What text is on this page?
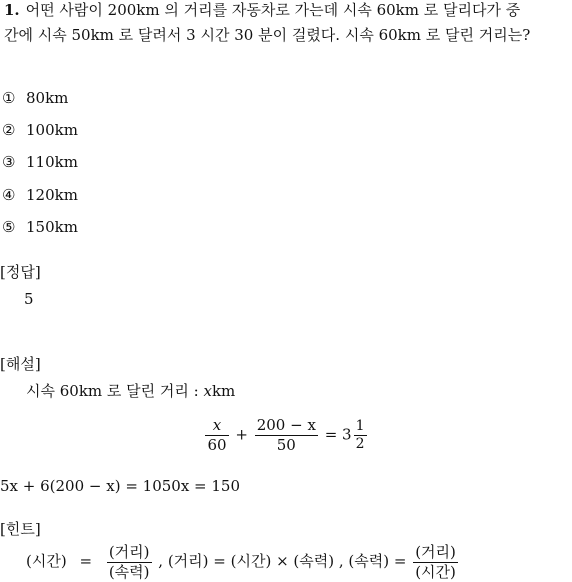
1. 어떤 사람이 200km 의 거리를 자동차로 가는데 시속 60km 로 달리다가 중
간에 시속 50km 로 달려서 3 시간 30 분이 걸렸다. 시속 60km 로 달린 거리는?
① 80km
② 100km
③ 110km
④ 120km
⑤ 150km
[정답]
5
[해설]
시속 60km 로 달린 거리 : xkm
$\frac{x}{60} + \frac{200 - x}{50} = 3 \frac{1}{2}$
5x + 6(200 − x) = 1050x = 150
[힌트]
(시간) = $\frac{\text{(거리)}}{\text{(속력)}}$ , (거리) = (시간) × (속력) , (속력) = $\frac{\text{(거리)}}{\text{(시간)}}$
